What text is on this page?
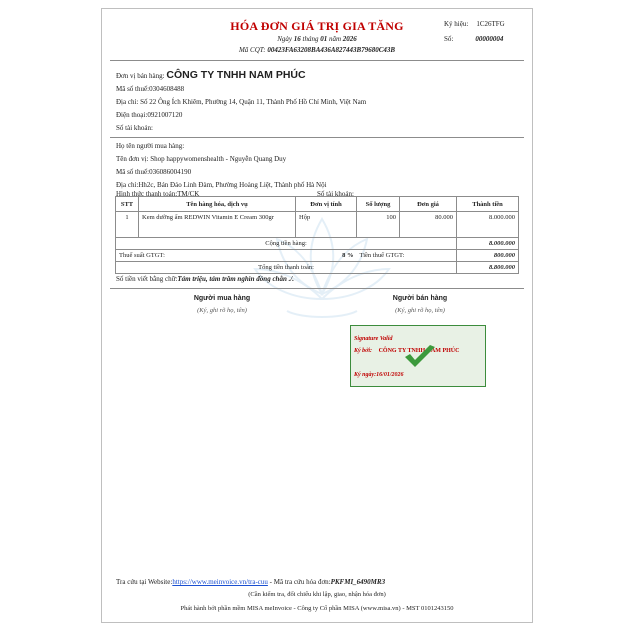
HÓA ĐƠN GIÁ TRỊ GIA TĂNG
Ngày 16 tháng 01 năm 2026
Mã CQT: 00423FA63208BA436A827443B79680C43B
Ký hiệu: 1C26TFG
Số:	00000004
Đơn vị bán hàng: CÔNG TY TNHH NAM PHÚC
Mã số thuế:0304608488
Địa chỉ: Số 22 Ông Ích Khiêm, Phường 14, Quận 11, Thành Phố Hồ Chí Minh, Việt Nam
Điện thoại:0921007120
Số tài khoản:
Họ tên người mua hàng:
Tên đơn vị: Shop happywomenshealth - Nguyễn Quang Duy
Mã số thuế:036086004190
Địa chỉ:Hh2c, Bán Đảo Linh Đàm, Phường Hoàng Liệt, Thành phố Hà Nội
Hình thức thanh toán:TM/CK	Số tài khoản:
STT	Tên hàng hóa, dịch vụ	Đơn vị tính	Số lượng	Đơn giá	Thành tiền
1	Kem dưỡng ẩm REDWIN Vitamin E Cream 300gr	Hộp	100	80.000	8.000.000
Cộng tiền hàng:					8.000.000
Thuế suất GTGT: 8 %			Tiền thuế GTGT:		800.000
Tổng tiền thanh toán:					8.800.000
Số tiền viết bằng chữ:Tám triệu, tám trăm nghìn đồng chẵn ./.
Người mua hàng
(Ký, ghi rõ họ, tên)
Người bán hàng
(Ký, ghi rõ họ, tên)
Signature Valid
Ký bởi: CÔNG TY TNHH NAM PHÚC
Ký ngày:16/01/2026
Tra cứu tại Website:https://www.meinvoice.vn/tra-cuu - Mã tra cứu hóa đơn:PKFMI_6490MR3
(Cần kiểm tra, đối chiếu khi lập, giao, nhận hóa đơn)
Phát hành bởi phần mềm MISA meInvoice - Công ty Cổ phần MISA (www.misa.vn) - MST 0101243150
